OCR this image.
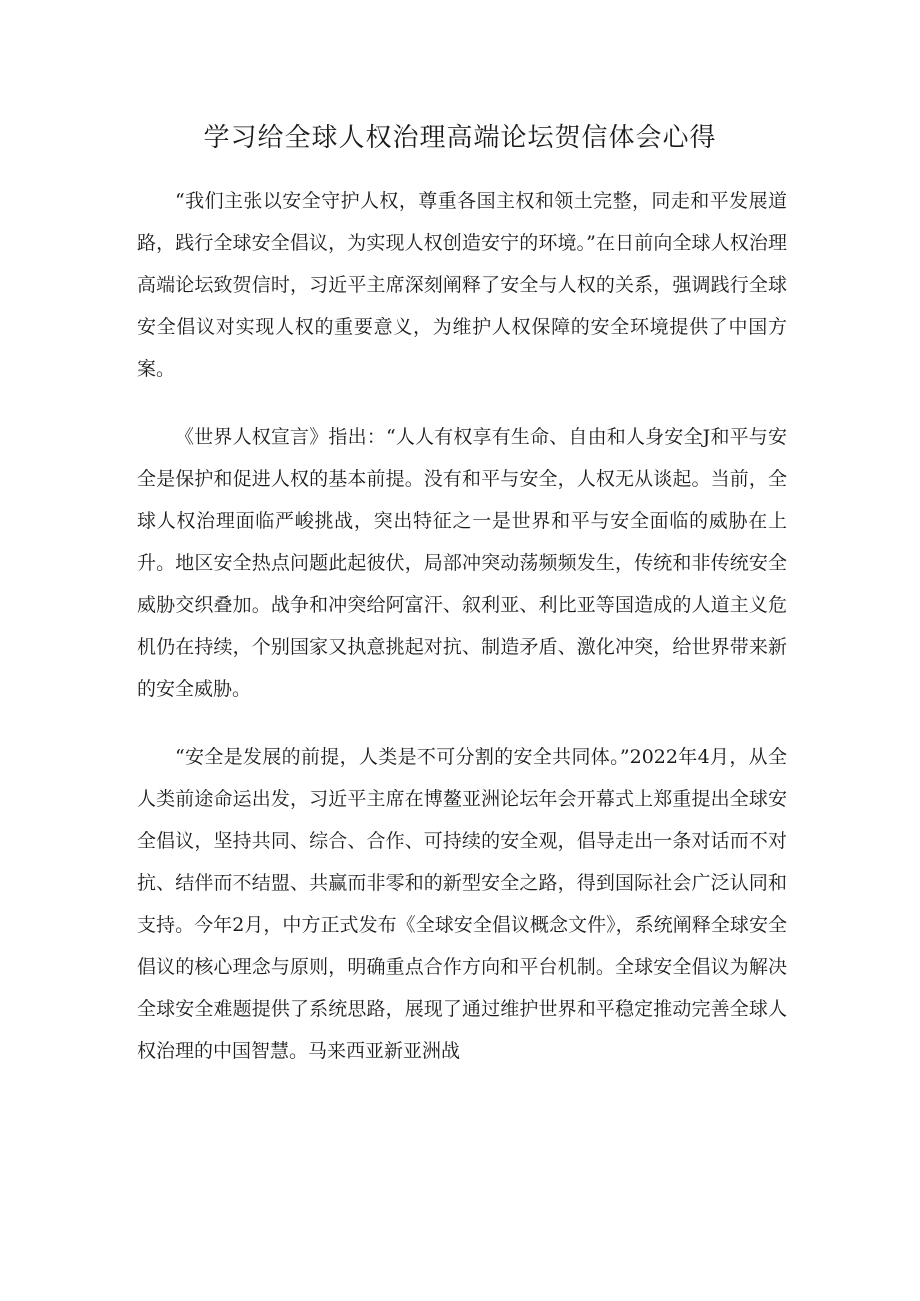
学习给全球人权治理高端论坛贺信体会心得

“我们主张以安全守护人权，尊重各国主权和领土完整，同走和平发展道路，践行全球安全倡议，为实现人权创造安宁的环境。”在日前向全球人权治理高端论坛致贺信时，习近平主席深刻阐释了安全与人权的关系，强调践行全球安全倡议对实现人权的重要意义，为维护人权保障的安全环境提供了中国方案。

《世界人权宣言》指出：“人人有权享有生命、自由和人身安全J和平与安全是保护和促进人权的基本前提。没有和平与安全，人权无从谈起。当前，全球人权治理面临严峻挑战，突出特征之一是世界和平与安全面临的威胁在上升。地区安全热点问题此起彼伏，局部冲突动荡频频发生，传统和非传统安全威胁交织叠加。战争和冲突给阿富汗、叙利亚、利比亚等国造成的人道主义危机仍在持续，个别国家又执意挑起对抗、制造矛盾、激化冲突，给世界带来新的安全威胁。

“安全是发展的前提，人类是不可分割的安全共同体。”2022年4月，从全人类前途命运出发，习近平主席在博鳌亚洲论坛年会开幕式上郑重提出全球安全倡议，坚持共同、综合、合作、可持续的安全观，倡导走出一条对话而不对抗、结伴而不结盟、共赢而非零和的新型安全之路，得到国际社会广泛认同和支持。今年2月，中方正式发布《全球安全倡议概念文件》，系统阐释全球安全倡议的核心理念与原则，明确重点合作方向和平台机制。全球安全倡议为解决全球安全难题提供了系统思路，展现了通过维护世界和平稳定推动完善全球人权治理的中国智慧。马来西亚新亚洲战
